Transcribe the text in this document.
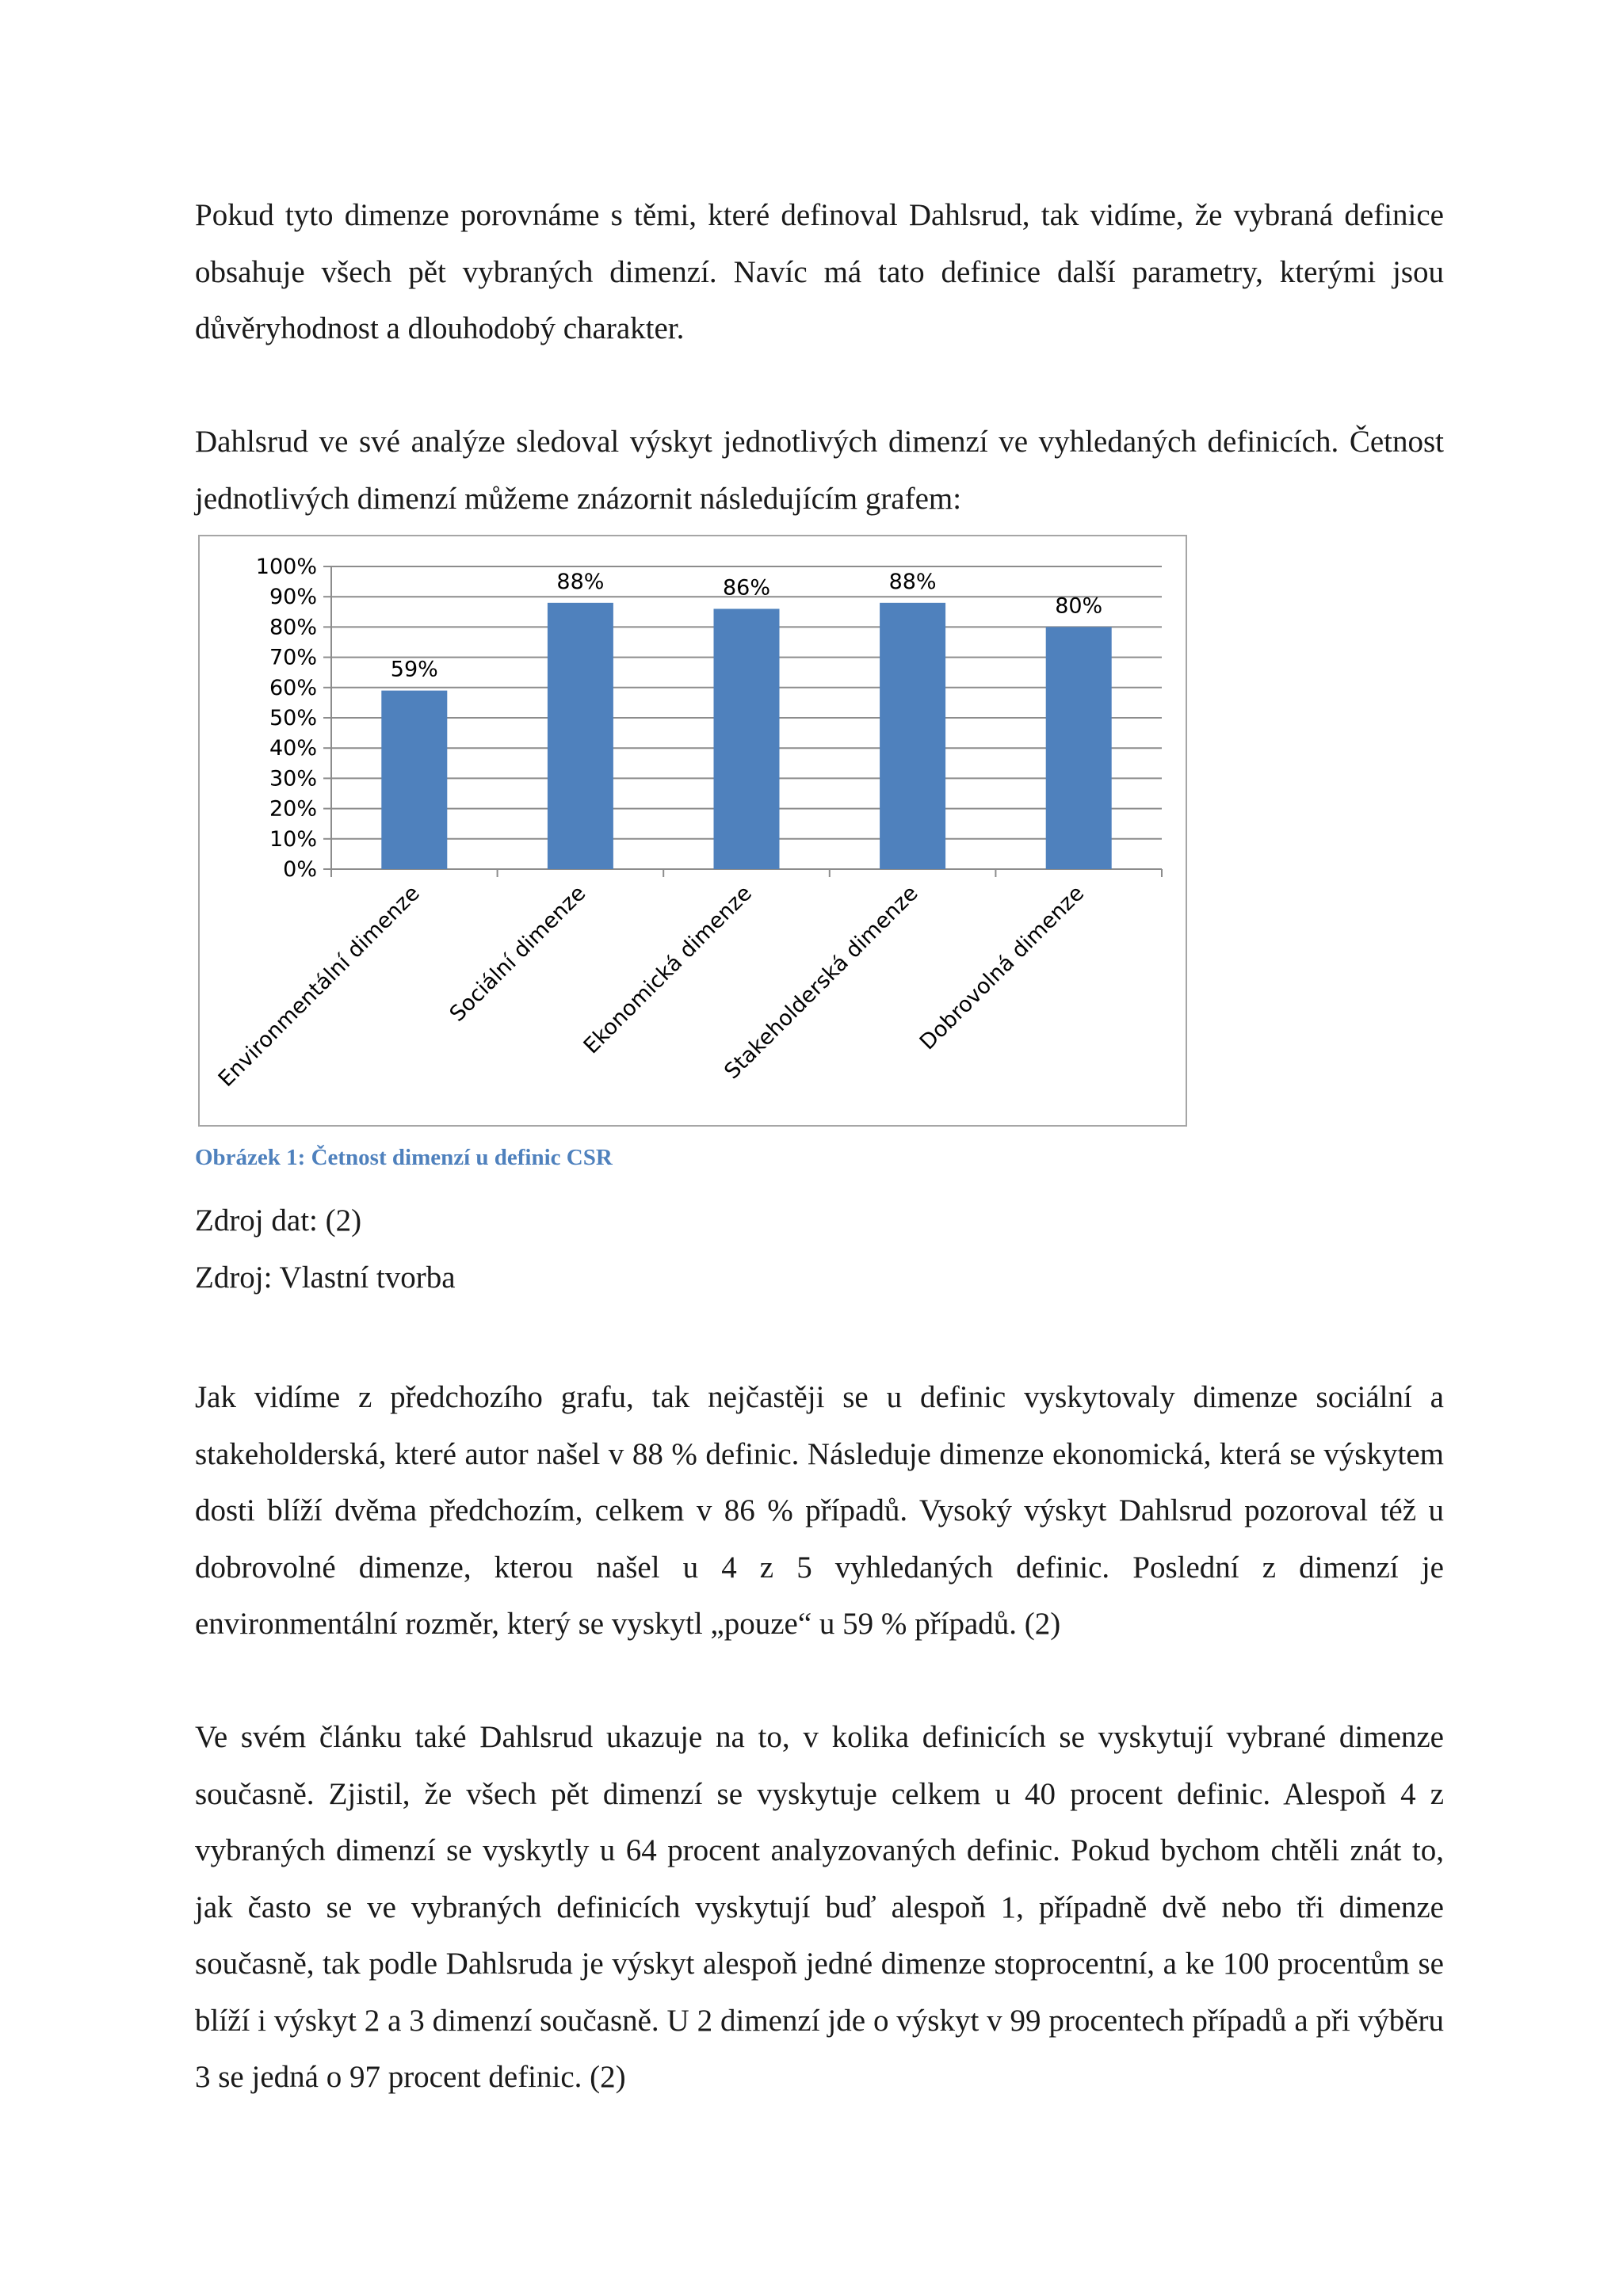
Pokud tyto dimenze porovnáme s těmi, které definoval Dahlsrud, tak vidíme, že vybraná definice obsahuje všech pět vybraných dimenzí. Navíc má tato definice další parametry, kterými jsou důvěryhodnost a dlouhodobý charakter.

Dahlsrud ve své analýze sledoval výskyt jednotlivých dimenzí ve vyhledaných definicích. Četnost jednotlivých dimenzí můžeme znázornit následujícím grafem:

0%
10%
20%
30%
40%
50%
60%
70%
80%
90%
100%
59%
Environmentální dimenze
88%
Sociální dimenze
86%
Ekonomická dimenze
88%
Stakeholderská dimenze
80%
Dobrovolná dimenze

Obrázek 1: Četnost dimenzí u definic CSR

Zdroj dat: (2)

Zdroj: Vlastní tvorba

Jak vidíme z předchozího grafu, tak nejčastěji se u definic vyskytovaly dimenze sociální a stakeholderská, které autor našel v 88 % definic. Následuje dimenze ekonomická, která se výskytem dosti blíží dvěma předchozím, celkem v 86 % případů. Vysoký výskyt Dahlsrud pozoroval též u dobrovolné dimenze, kterou našel u 4 z 5 vyhledaných definic. Poslední z dimenzí je environmentální rozměr, který se vyskytl „pouze“ u 59 % případů. (2)

Ve svém článku také Dahlsrud ukazuje na to, v kolika definicích se vyskytují vybrané dimenze současně. Zjistil, že všech pět dimenzí se vyskytuje celkem u 40 procent definic. Alespoň 4 z vybraných dimenzí se vyskytly u 64 procent analyzovaných definic. Pokud bychom chtěli znát to, jak často se ve vybraných definicích vyskytují buď alespoň 1, případně dvě nebo tři dimenze současně, tak podle Dahlsruda je výskyt alespoň jedné dimenze stoprocentní, a ke 100 procentům se blíží i výskyt 2 a 3 dimenzí současně. U 2 dimenzí jde o výskyt v 99 procentech případů a při výběru 3 se jedná o 97 procent definic. (2)
